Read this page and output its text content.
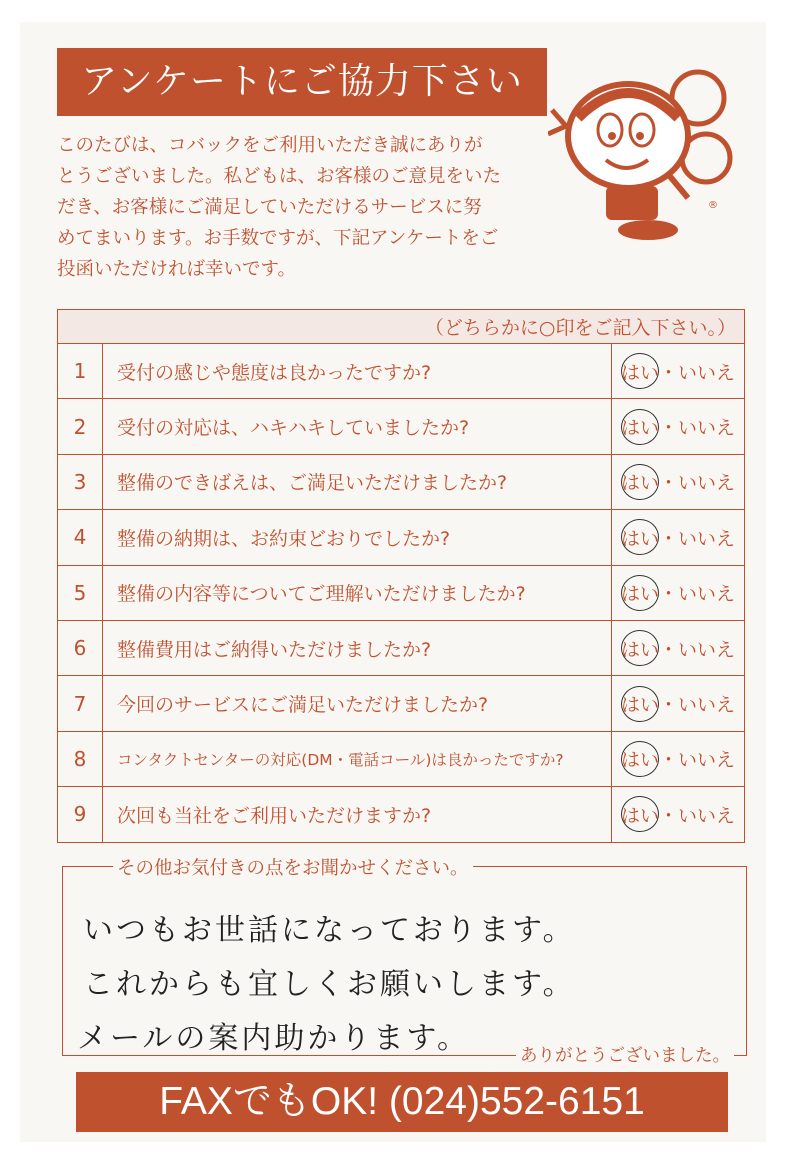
アンケートにご協力下さい
このたびは、コバックをご利用いただき誠にありが
とうございました。私どもは、お客様のご意見をいた
だき、お客様にご満足していただけるサービスに努
めてまいります。お手数ですが、下記アンケートをご
投函いただければ幸いです。
®
（どちらかに○印をご記入下さい。）		
1	受付の感じや態度は良かったですか?	はい・いいえ
2	受付の対応は、ハキハキしていましたか?	はい・いいえ
3	整備のできばえは、ご満足いただけましたか?	はい・いいえ
4	整備の納期は、お約束どおりでしたか?	はい・いいえ
5	整備の内容等についてご理解いただけましたか?	はい・いいえ
6	整備費用はご納得いただけましたか?	はい・いいえ
7	今回のサービスにご満足いただけましたか?	はい・いいえ
8	コンタクトセンターの対応(DM・電話コール)は良かったですか?	はい・いいえ
9	次回も当社をご利用いただけますか?	はい・いいえ
その他お気付きの点をお聞かせください。
いつもお世話になっております。
これからも宜しくお願いします。
メールの案内助かります。	ありがとうございました。
FAXでもOK! (024)552-6151
